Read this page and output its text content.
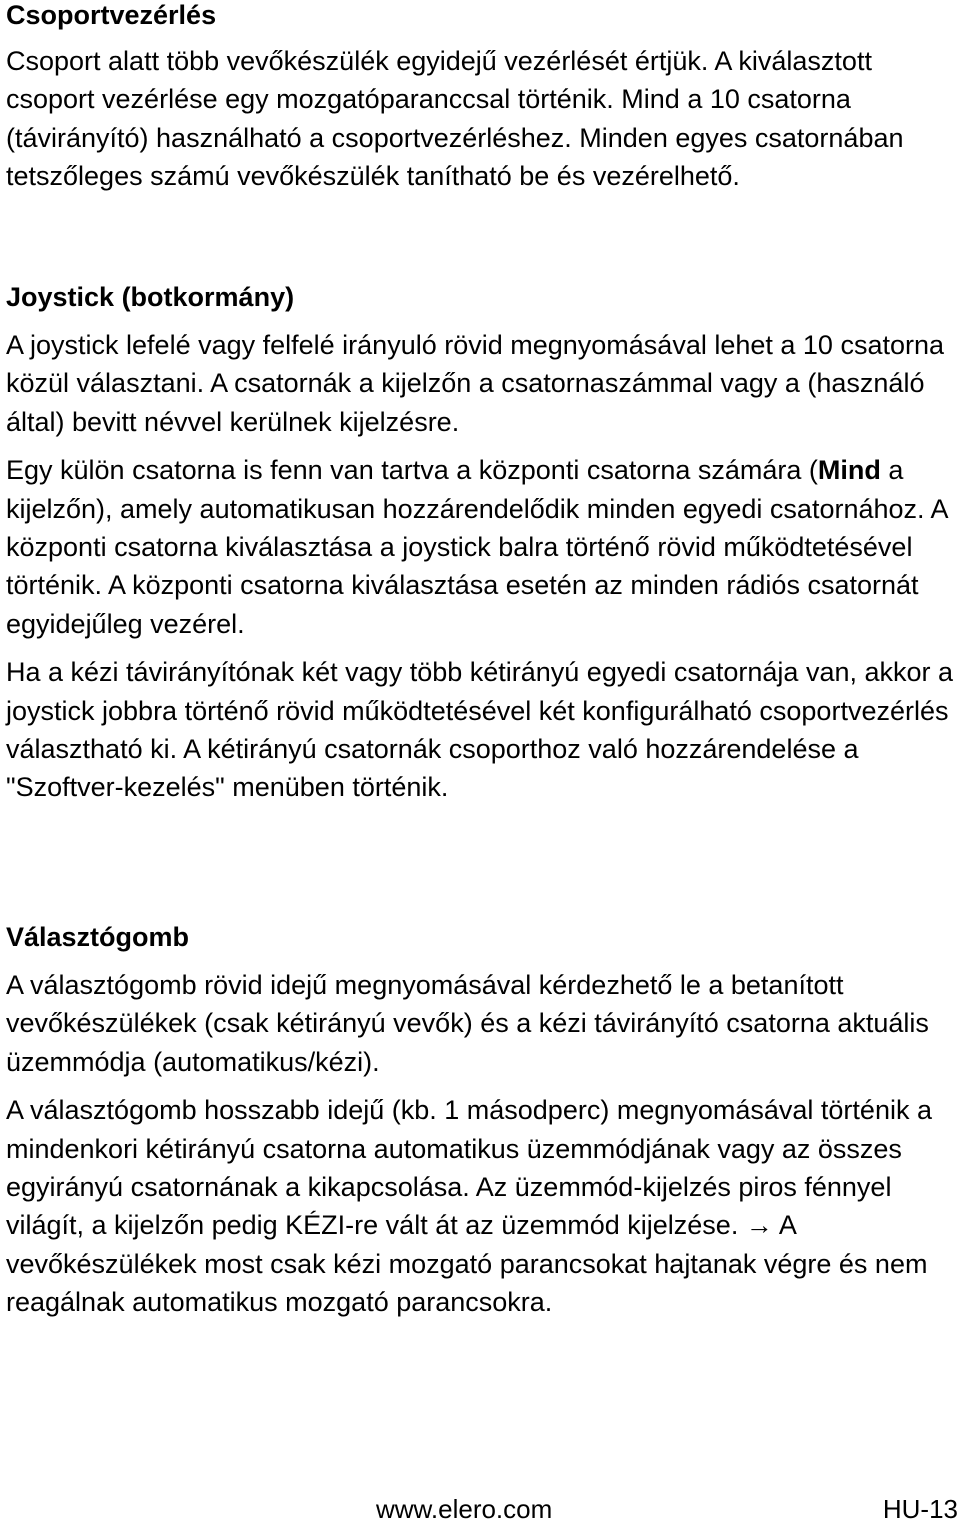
Csoportvezérlés

Csoport alatt több vevőkészülék egyidejű vezérlését értjük. A kiválasztott csoport vezérlése egy mozgatóparanccsal történik. Mind a 10 csatorna (távirányító) használható a csoportvezérléshez. Minden egyes csatornában tetszőleges számú vevőkészülék tanítható be és vezérelhető.

Joystick (botkormány)

A joystick lefelé vagy felfelé irányuló rövid megnyomásával lehet a 10 csatorna közül választani. A csatornák a kijelzőn a csatornaszámmal vagy a (használó által) bevitt névvel kerülnek kijelzésre.

Egy külön csatorna is fenn van tartva a központi csatorna számára (Mind a kijelzőn), amely automatikusan hozzárendelődik minden egyedi csatornához. A központi csatorna kiválasztása a joystick balra történő rövid működtetésével történik. A központi csatorna kiválasztása esetén az minden rádiós csatornát egyidejűleg vezérel.

Ha a kézi távirányítónak két vagy több kétirányú egyedi csatornája van, akkor a joystick jobbra történő rövid működtetésével két konfigurálható csoportvezérlés választható ki. A kétirányú csatornák csoporthoz való hozzárendelése a "Szoftver-kezelés" menüben történik.

Választógomb

A választógomb rövid idejű megnyomásával kérdezhető le a betanított vevőkészülékek (csak kétirányú vevők) és a kézi távirányító csatorna aktuális üzemmódja (automatikus/kézi).

A választógomb hosszabb idejű (kb. 1 másodperc) megnyomásával történik a mindenkori kétirányú csatorna automatikus üzemmódjának vagy az összes egyirányú csatornának a kikapcsolása. Az üzemmód-kijelzés piros fénnyel világít, a kijelzőn pedig KÉZI-re vált át az üzemmód kijelzése. → A vevőkészülékek most csak kézi mozgató parancsokat hajtanak végre és nem reagálnak automatikus mozgató parancsokra.

www.elero.com	HU-13
